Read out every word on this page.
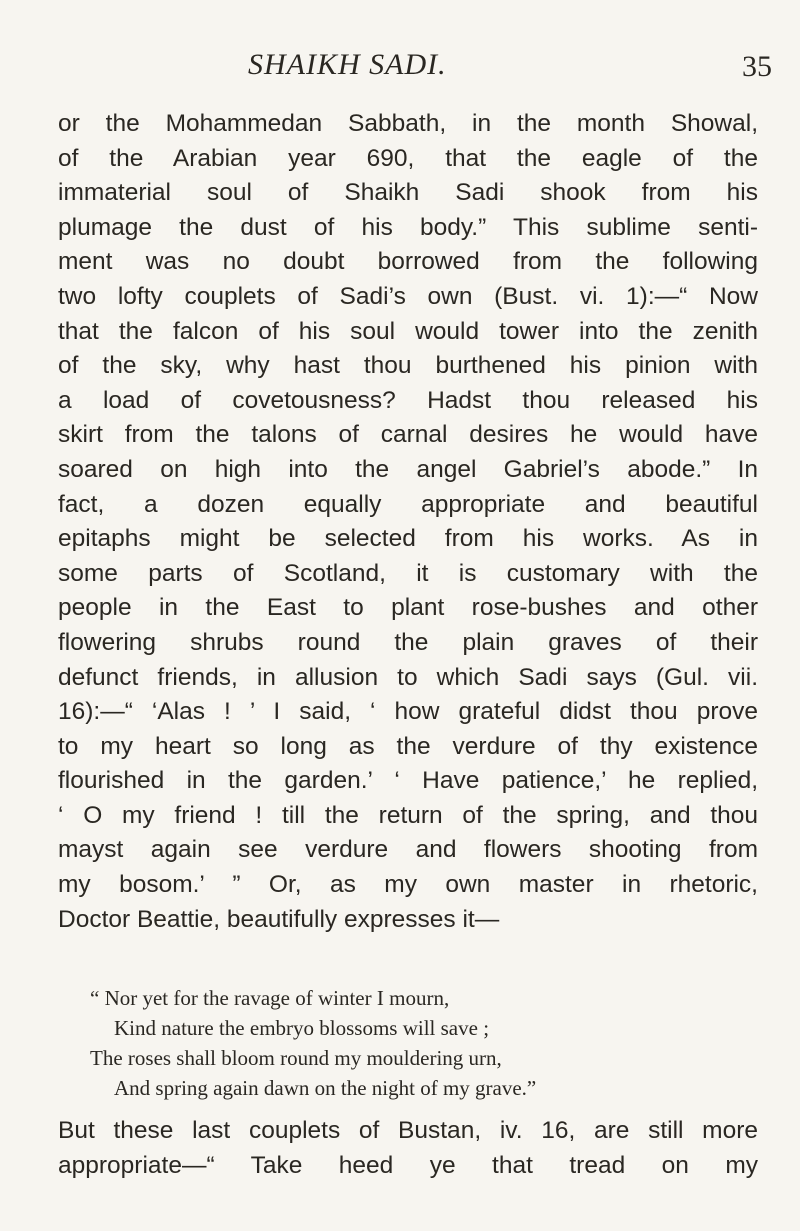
SHAIKH SADI.	35
or the Mohammedan Sabbath, in the month Showal,
of the Arabian year 690, that the eagle of the
immaterial soul of Shaikh Sadi shook from his
plumage the dust of his body.” This sublime senti-
ment was no doubt borrowed from the following
two lofty couplets of Sadi’s own (Bust. vi. 1):—“ Now
that the falcon of his soul would tower into the zenith
of the sky, why hast thou burthened his pinion with
a load of covetousness? Hadst thou released his
skirt from the talons of carnal desires he would have
soared on high into the angel Gabriel’s abode.” In
fact, a dozen equally appropriate and beautiful
epitaphs might be selected from his works. As in
some parts of Scotland, it is customary with the
people in the East to plant rose-bushes and other
flowering shrubs round the plain graves of their
defunct friends, in allusion to which Sadi says (Gul. vii.
16):—“ ‘Alas ! ’ I said, ‘ how grateful didst thou prove
to my heart so long as the verdure of thy existence
flourished in the garden.’ ‘ Have patience,’ he replied,
‘ O my friend ! till the return of the spring, and thou
mayst again see verdure and flowers shooting from
my bosom.’ ” Or, as my own master in rhetoric,
Doctor Beattie, beautifully expresses it—
“ Nor yet for the ravage of winter I mourn,
Kind nature the embryo blossoms will save ;
The roses shall bloom round my mouldering urn,
And spring again dawn on the night of my grave.”
But these last couplets of Bustan, iv. 16, are still more
appropriate—“ Take heed ye that tread on my
